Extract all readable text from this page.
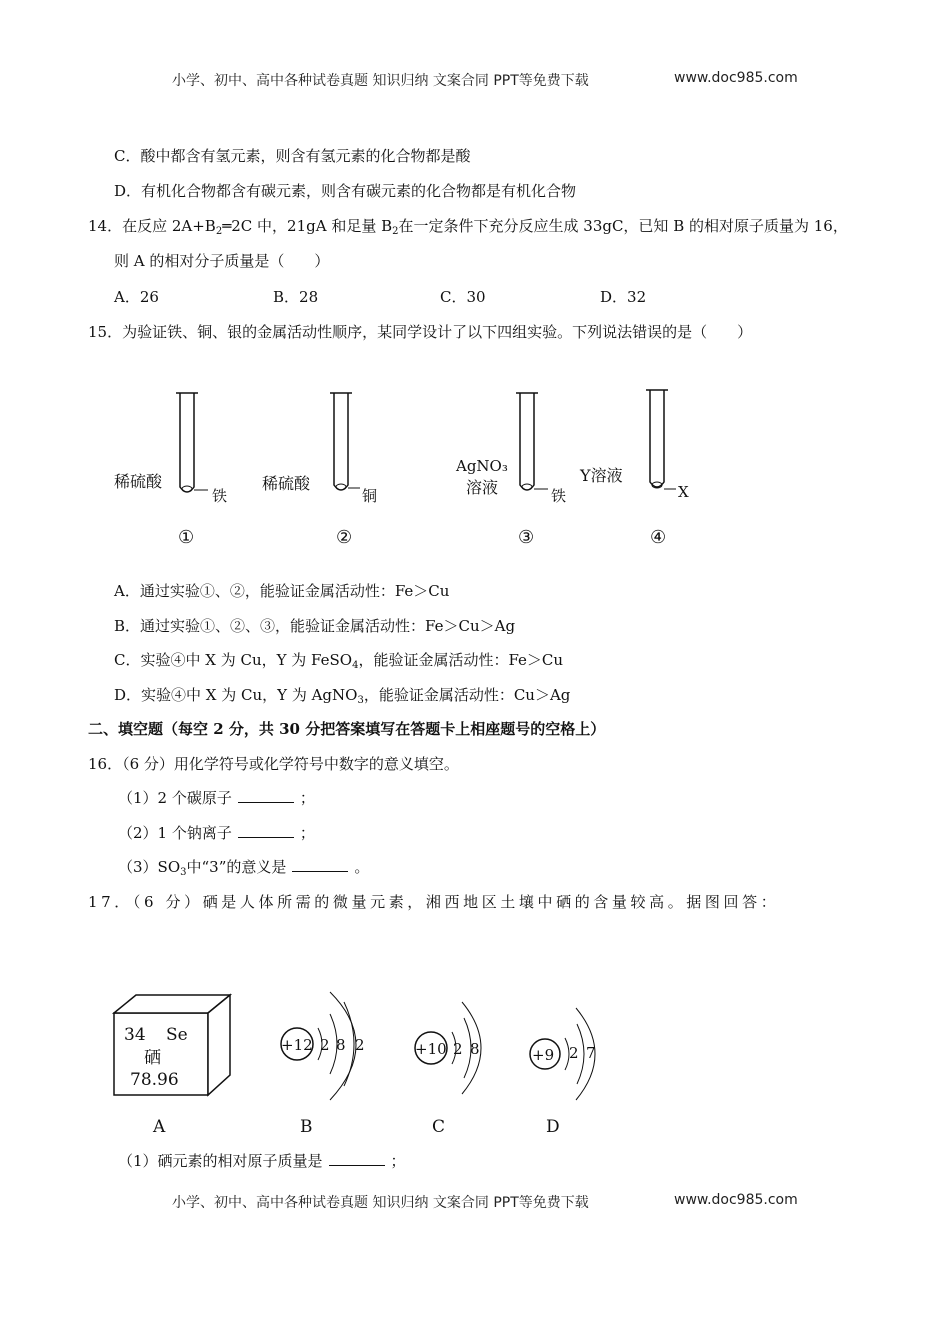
小学、初中、高中各种试卷真题 知识归纳 文案合同 PPT等免费下载	www.doc985.com
C．酸中都含有氢元素，则含有氢元素的化合物都是酸
D．有机化合物都含有碳元素，则含有碳元素的化合物都是有机化合物
14．在反应 $2A+B_2═2C$ 中，21gA 和足量 $B_2$在一定条件下充分反应生成 33gC，已知 B 的相对原子质量为 16，
则 A 的相对分子质量是（　　）
A．26	B．28	C．30	D．32
15．为验证铁、铜、银的金属活动性顺序，某同学设计了以下四组实验。下列说法错误的是（　　）
稀硫酸
铁
①
稀硫酸
铜
②
AgNO₃
溶液	铁
③
Y溶液
X
④
A．通过实验①、②，能验证金属活动性：Fe＞Cu
B．通过实验①、②、③，能验证金属活动性：Fe＞Cu＞Ag
C．实验④中 X 为 Cu，Y 为 FeSO$_4$，能验证金属活动性：Fe＞Cu
D．实验④中 X 为 Cu，Y 为 AgNO$_3$，能验证金属活动性：Cu＞Ag
二、填空题（每空 2 分，共 30 分把答案填写在答题卡上相座题号的空格上）
16．（6 分）用化学符号或化学符号中数字的意义填空。
（1）2 个碳原子	；
（2）1 个钠离子	；
$(3)SO_3$中“3”的意义是	。
17．（6 分）硒是人体所需的微量元素，湘西地区土壤中硒的含量较高。据图回答：
34 Se
硒
78.96
+12 2 8 2	+10 2 8	+9 2 7
A	B	C	D
（1）硒元素的相对原子质量是	；
小学、初中、高中各种试卷真题 知识归纳 文案合同 PPT等免费下载	www.doc985.com
